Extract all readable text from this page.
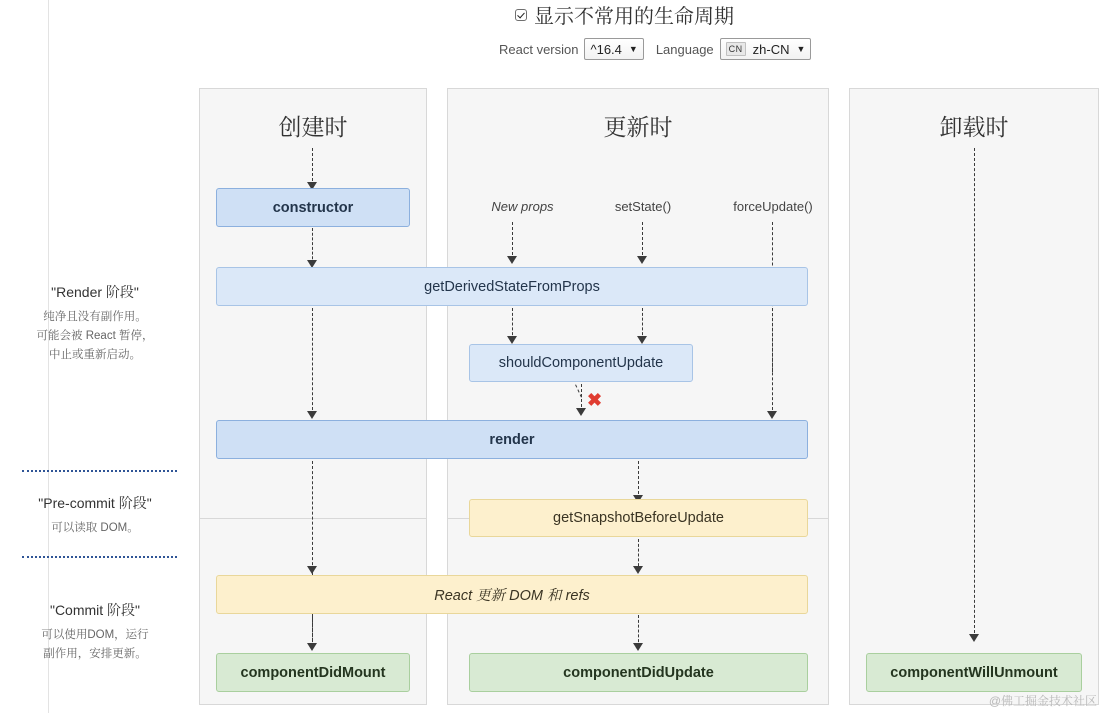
显示不常用的生命周期
React version ^16.4 ▼ Language	CN zh-CN ▼
创建时	更新时	卸载时
"Render 阶段"
纯净且没有副作用。
可能会被 React 暂停，
中止或重新启动。
"Pre-commit 阶段"
可以读取 DOM。
"Commit 阶段"
可以使用DOM，运行
副作用，安排更新。
constructor
componentDidMount
New props	setState()	forceUpdate()
getDerivedStateFromProps
shouldComponentUpdate
✖
render
getSnapshotBeforeUpdate
React 更新 DOM 和 refs
componentDidUpdate	componentWillUnmount
@佛工掘金技术社区
